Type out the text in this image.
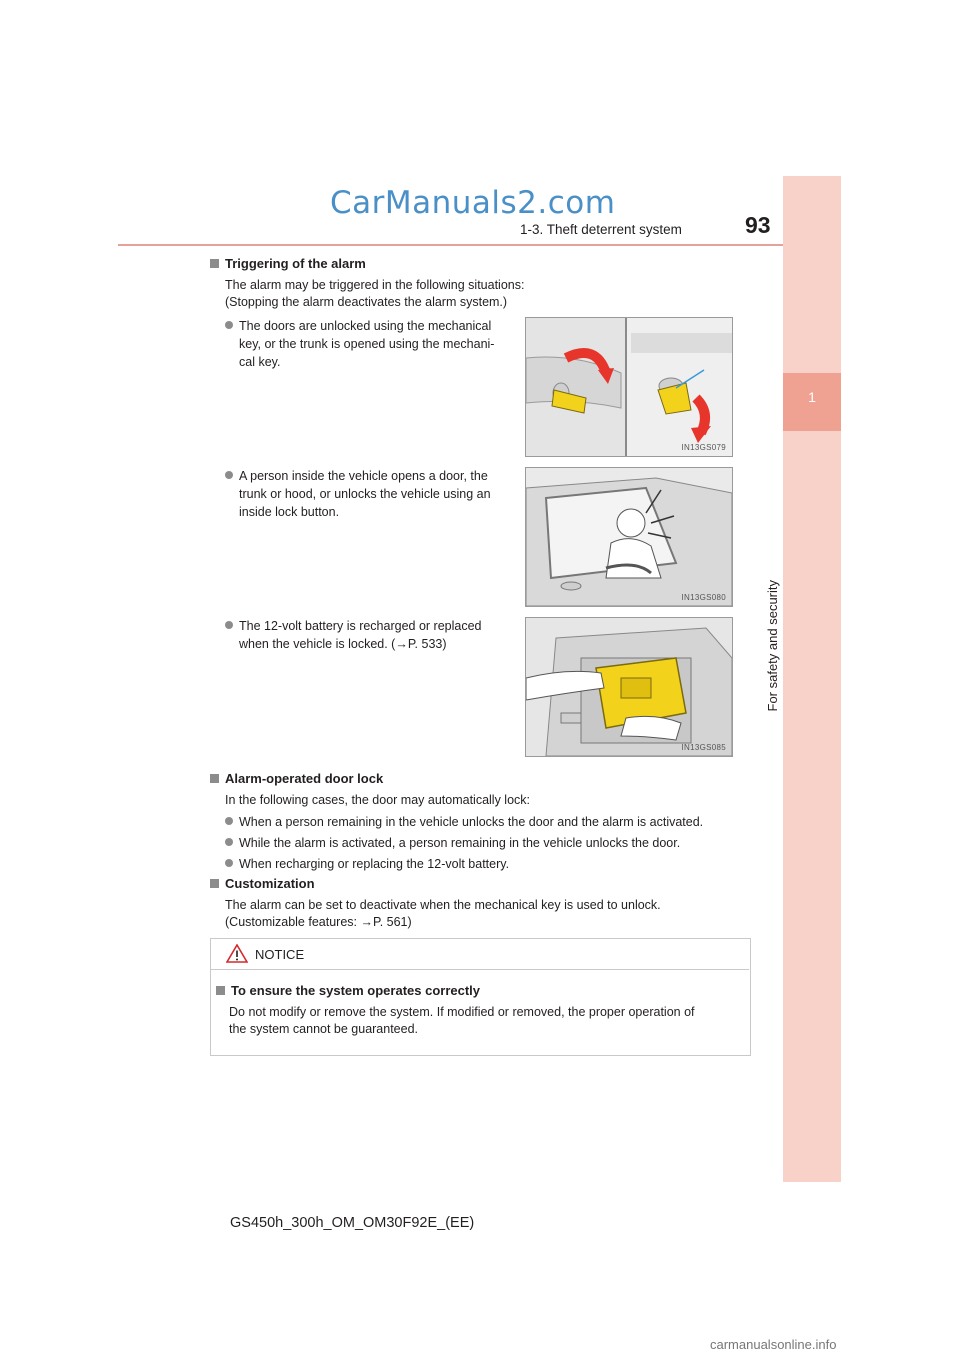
CarManuals2.com
1-3. Theft deterrent system	93
1
For safety and security
Triggering of the alarm
The alarm may be triggered in the following situations:
(Stopping the alarm deactivates the alarm system.)
The doors are unlocked using the mechanical
key, or the trunk is opened using the mechani-
cal key.
IN13GS079
A person inside the vehicle opens a door, the
trunk or hood, or unlocks the vehicle using an
inside lock button.
IN13GS080
The 12-volt battery is recharged or replaced
when the vehicle is locked. (→P. 533)
IN13GS085
Alarm-operated door lock
In the following cases, the door may automatically lock:
When a person remaining in the vehicle unlocks the door and the alarm is activated.
While the alarm is activated, a person remaining in the vehicle unlocks the door.
When recharging or replacing the 12-volt battery.
Customization
The alarm can be set to deactivate when the mechanical key is used to unlock.
(Customizable features: →P. 561)
NOTICE
To ensure the system operates correctly
Do not modify or remove the system. If modified or removed, the proper operation of
the system cannot be guaranteed.
GS450h_300h_OM_OM30F92E_(EE)
carmanualsonline.info
